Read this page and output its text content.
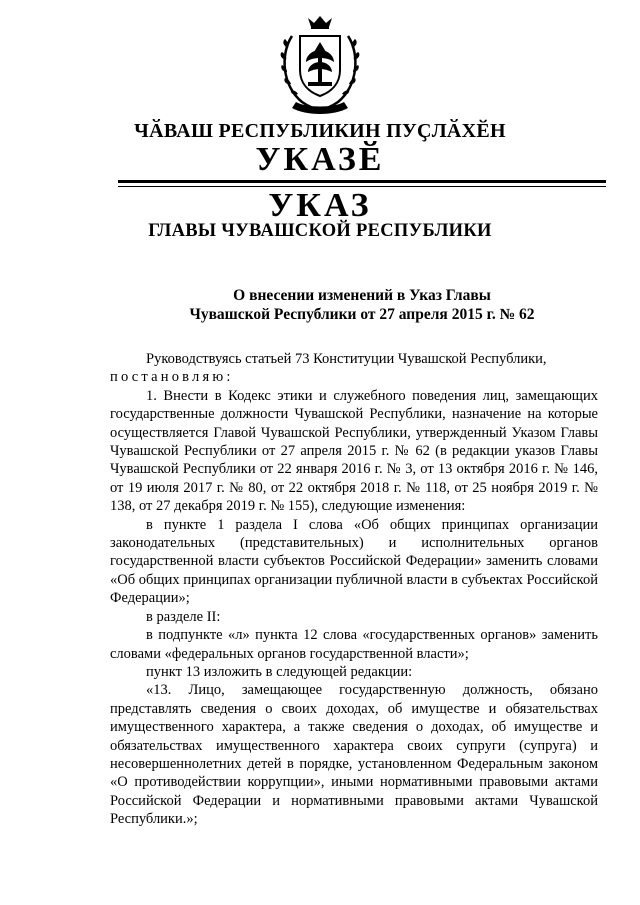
ЧӐВАШ РЕСПУБЛИКИН ПУҪЛӐХӖН
УКАЗӖ
УКАЗ
ГЛАВЫ ЧУВАШСКОЙ РЕСПУБЛИКИ
О внесении изменений в Указ Главы
Чувашской Республики от 27 апреля 2015 г. № 62

Руководствуясь статьей 73 Конституции Чувашской Республики,

постановляю:

1. Внести в Кодекс этики и служебного поведения лиц, замещающих государственные должности Чувашской Республики, назначение на которые осуществляется Главой Чувашской Республики, утвержденный Указом Главы Чувашской Республики от 27 апреля 2015 г. № 62 (в редакции указов Главы Чувашской Республики от 22 января 2016 г. № 3, от 13 октября 2016 г. № 146, от 19 июля 2017 г. № 80, от 22 октября 2018 г. № 118, от 25 ноября 2019 г. № 138, от 27 декабря 2019 г. № 155), следующие изменения:

в пункте 1 раздела I слова «Об общих принципах организации законодательных (представительных) и исполнительных органов государственной власти субъектов Российской Федерации» заменить словами «Об общих принципах организации публичной власти в субъектах Российской Федерации»;

в разделе II:

в подпункте «л» пункта 12 слова «государственных органов» заменить словами «федеральных органов государственной власти»;

пункт 13 изложить в следующей редакции:

«13. Лицо, замещающее государственную должность, обязано представлять сведения о своих доходах, об имуществе и обязательствах имущественного характера, а также сведения о доходах, об имуществе и обязательствах имущественного характера своих супруги (супруга) и несовершеннолетних детей в порядке, установленном Федеральным законом «О противодействии коррупции», иными нормативными правовыми актами Российской Федерации и нормативными правовыми актами Чувашской Республики.»;
